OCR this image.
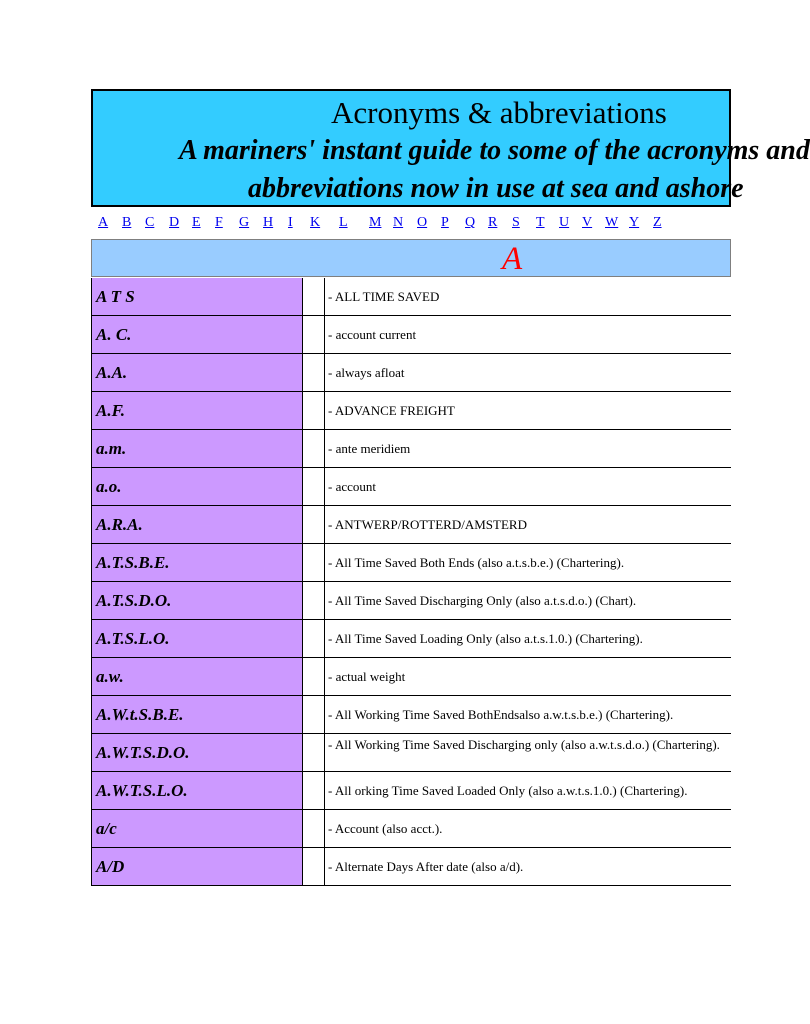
Acronyms & abbreviations
A mariners' instant guide to some of the acronyms and
abbreviations now in use at sea and ashore
A B C D E F G H I K L M N O P Q R S T U V W Y Z
A
A T S	- ALL TIME SAVED
A. C.	- account current
A.A.	- always afloat
A.F.	- ADVANCE FREIGHT
a.m.	- ante meridiem
a.o.	- account
A.R.A.	- ANTWERP/ROTTERD/AMSTERD
A.T.S.B.E.	- All Time Saved Both Ends (also a.t.s.b.e.) (Chartering).
A.T.S.D.O.	- All Time Saved Discharging Only (also a.t.s.d.o.) (Chart).
A.T.S.L.O.	- All Time Saved Loading Only (also a.t.s.1.0.) (Chartering).
a.w.	- actual weight
A.W.t.S.B.E.	- All Working Time Saved BothEndsalso a.w.t.s.b.e.) (Chartering).
A.W.T.S.D.O.	- All Working Time Saved Discharging only (also a.w.t.s.d.o.) (Chartering).
A.W.T.S.L.O.	- All orking Time Saved Loaded Only (also a.w.t.s.1.0.) (Chartering).
a/c	- Account (also acct.).
A/D	- Alternate Days After date (also a/d).
